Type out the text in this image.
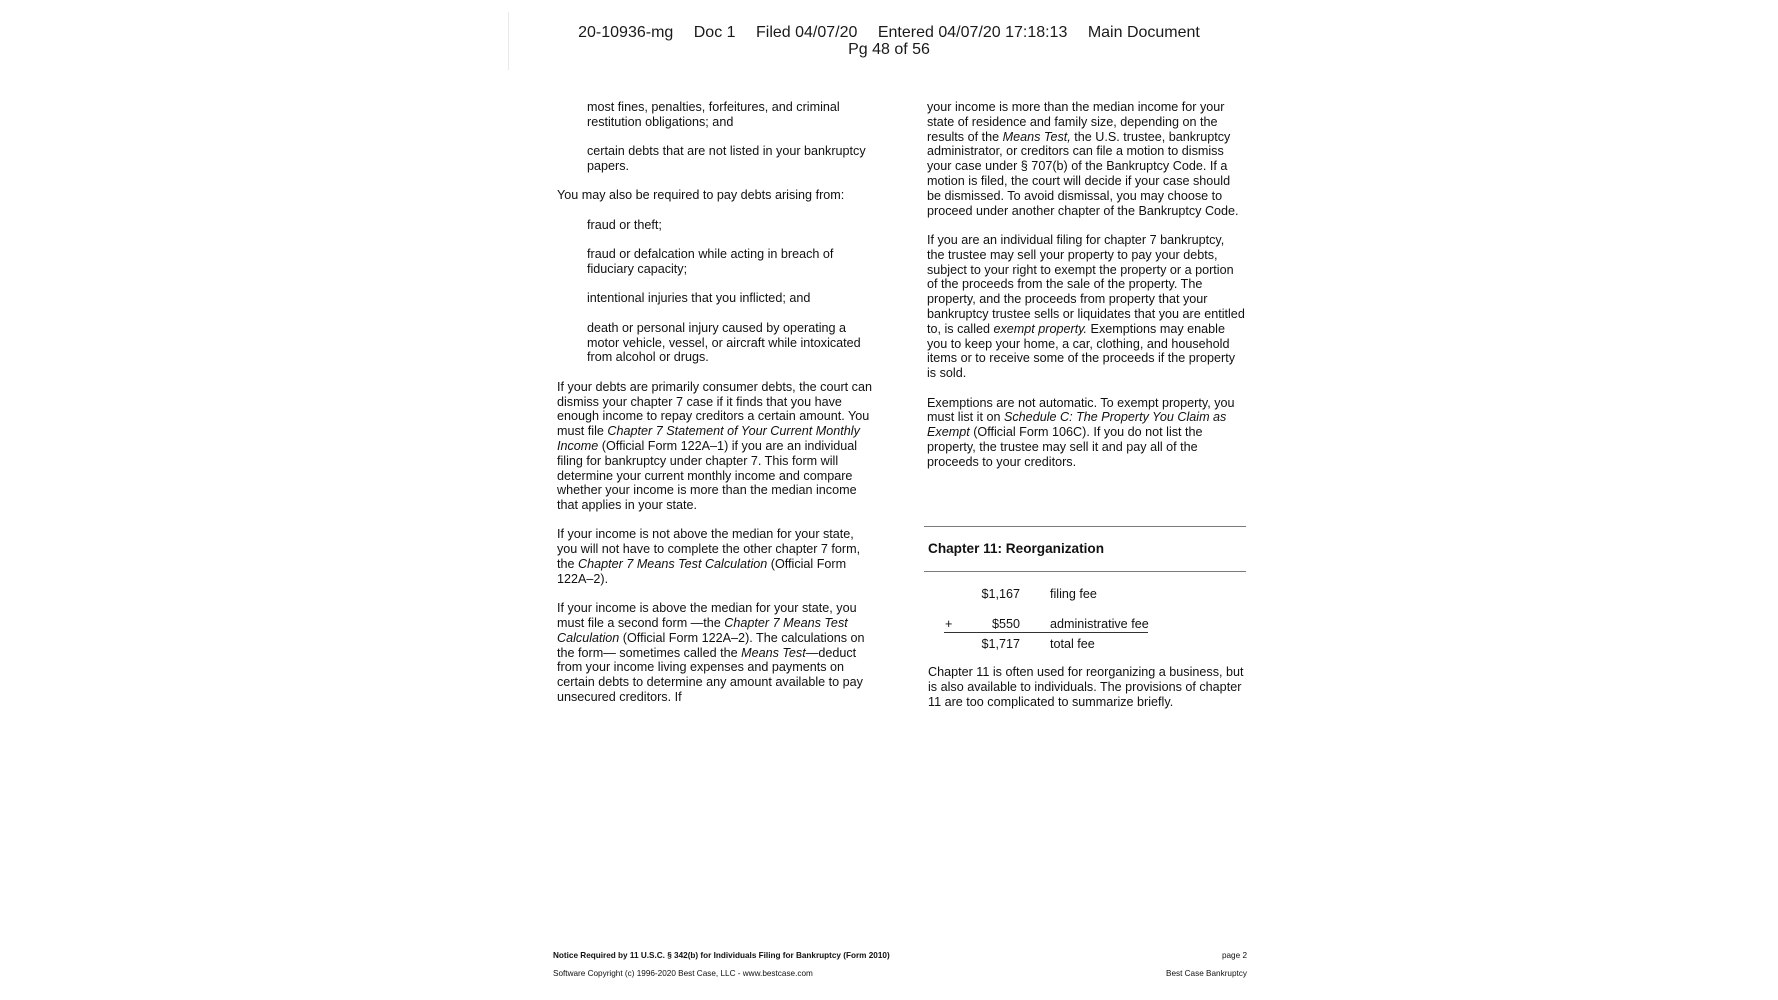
20-10936-mg Doc 1 Filed 04/07/20 Entered 04/07/20 17:18:13 Main Document
Pg 48 of 56

most fines, penalties, forfeitures, and criminal restitution obligations; and

certain debts that are not listed in your bankruptcy papers.

You may also be required to pay debts arising from:

fraud or theft;

fraud or defalcation while acting in breach of fiduciary capacity;

intentional injuries that you inflicted; and

death or personal injury caused by operating a motor vehicle, vessel, or aircraft while intoxicated from alcohol or drugs.

If your debts are primarily consumer debts, the court can dismiss your chapter 7 case if it finds that you have enough income to repay creditors a certain amount. You must file Chapter 7 Statement of Your Current Monthly Income (Official Form 122A–1) if you are an individual filing for bankruptcy under chapter 7. This form will determine your current monthly income and compare whether your income is more than the median income that applies in your state.

If your income is not above the median for your state, you will not have to complete the other chapter 7 form, the Chapter 7 Means Test Calculation (Official Form 122A–2).

If your income is above the median for your state, you must file a second form —the Chapter 7 Means Test Calculation (Official Form 122A–2). The calculations on the form— sometimes called the Means Test—deduct from your income living expenses and payments on certain debts to determine any amount available to pay unsecured creditors. If

your income is more than the median income for your state of residence and family size, depending on the results of the Means Test, the U.S. trustee, bankruptcy administrator, or creditors can file a motion to dismiss your case under § 707(b) of the Bankruptcy Code. If a motion is filed, the court will decide if your case should be dismissed. To avoid dismissal, you may choose to proceed under another chapter of the Bankruptcy Code.

If you are an individual filing for chapter 7 bankruptcy, the trustee may sell your property to pay your debts, subject to your right to exempt the property or a portion of the proceeds from the sale of the property. The property, and the proceeds from property that your bankruptcy trustee sells or liquidates that you are entitled to, is called exempt property. Exemptions may enable you to keep your home, a car, clothing, and household items or to receive some of the proceeds if the property is sold.

Exemptions are not automatic. To exempt property, you must list it on Schedule C: The Property You Claim as Exempt (Official Form 106C). If you do not list the property, the trustee may sell it and pay all of the proceeds to your creditors.

Chapter 11: Reorganization
$1,167 filing fee
+	$550 administrative fee
$1,717 total fee
Chapter 11 is often used for reorganizing a business, but is also available to individuals. The provisions of chapter 11 are too complicated to summarize briefly.
Notice Required by 11 U.S.C. § 342(b) for Individuals Filing for Bankruptcy (Form 2010)	page 2
Software Copyright (c) 1996-2020 Best Case, LLC - www.bestcase.com	Best Case Bankruptcy
